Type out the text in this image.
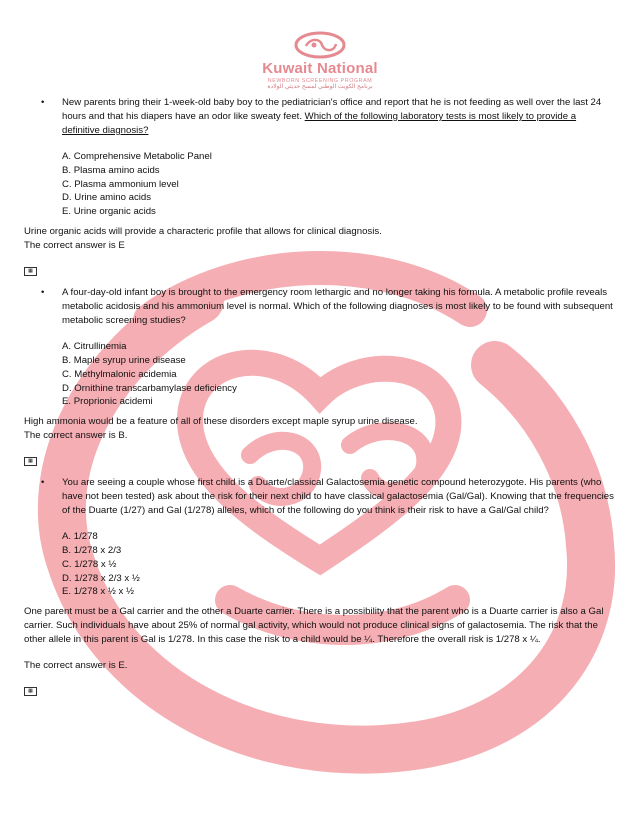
Kuwait National
NEWBORN SCREENING PROGRAM
برنامج الكويت الوطني لمسح حديثي الولادة
• New parents bring their 1-week-old baby boy to the pediatrician's office and report that he is not feeding as well over the last 24 hours and that his diapers have an odor like sweaty feet. Which of the following laboratory tests is most likely to provide a definitive diagnosis?
A. Comprehensive Metabolic Panel
B. Plasma amino acids
C. Plasma ammonium level
D. Urine amino acids
E. Urine organic acids
Urine organic acids will provide a characteric profile that allows for clinical diagnosis.
The correct answer is E
▦
• A four-day-old infant boy is brought to the emergency room lethargic and no longer taking his formula. A metabolic profile reveals metabolic acidosis and his ammonium level is normal. Which of the following diagnoses is most likely to be found with subsequent metabolic screening studies?
A. Citrullinemia
B. Maple syrup urine disease
C. Methylmalonic acidemia
D. Ornithine transcarbamylase deficiency
E. Proprionic acidemi
High ammonia would be a feature of all of these disorders except maple syrup urine disease.
The correct answer is B.
▦
• You are seeing a couple whose first child is a Duarte/classical Galactosemia genetic compound heterozygote. His parents (who have not been tested) ask about the risk for their next child to have classical galactosemia (Gal/Gal). Knowing that the frequencies of the Duarte (1/27) and Gal (1/278) alleles, which of the following do you think is their risk to have a Gal/Gal child?
A. 1/278
B. 1/278 x 2/3
C. 1/278 x ½
D. 1/278 x 2/3 x ½
E. 1/278 x ½ x ½
One parent must be a Gal carrier and the other a Duarte carrier. There is a possibility that the parent who is a Duarte carrier is also a Gal carrier. Such individuals have about 25% of normal gal activity, which would not produce clinical signs of galactosemia. The risk that the other allele in this parent is Gal is 1/278. In this case the risk to a child would be ¼. Therefore the overall risk is 1/278 x ¼.
The correct answer is E.
▦
